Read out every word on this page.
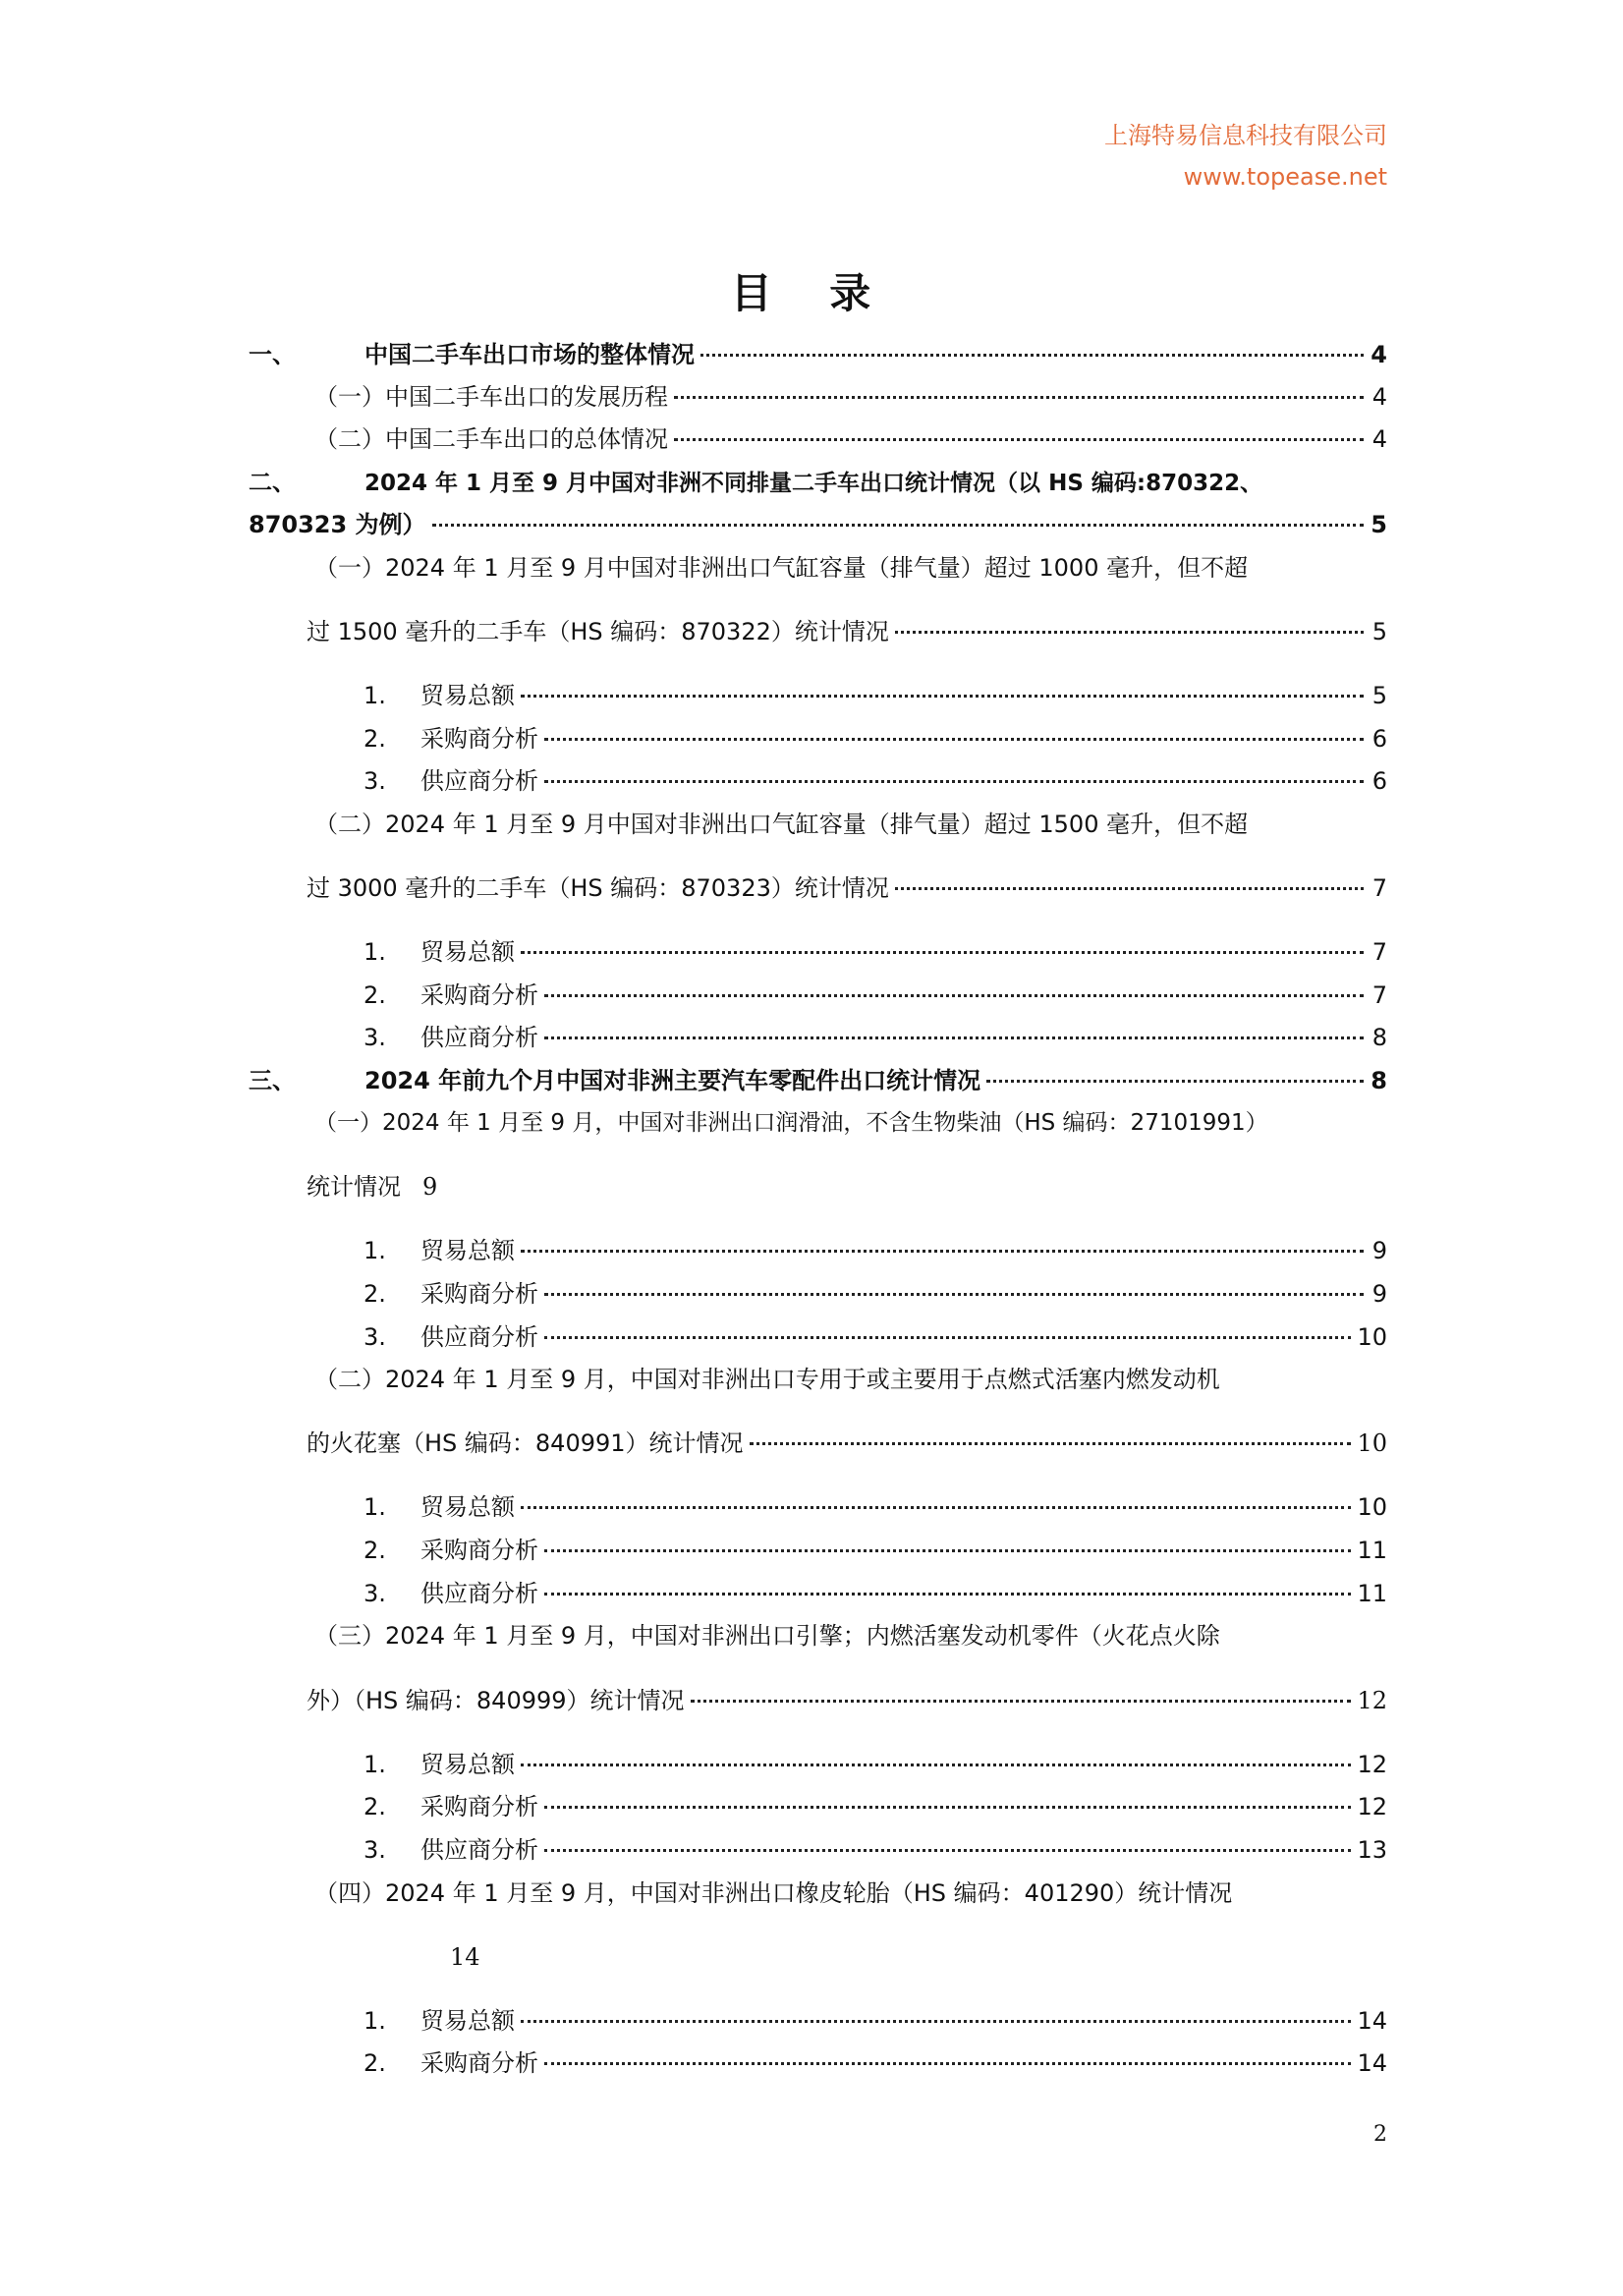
上海特易信息科技有限公司
www.topease.net
目 录
一、	中国二手车出口市场的整体情况	4
（一）中国二手车出口的发展历程	4
（二）中国二手车出口的总体情况	4
二、	2024 年 1 月至 9 月中国对非洲不同排量二手车出口统计情况（以 HS 编码:870322、
870323 为例）	5
（一）2024 年 1 月至 9 月中国对非洲出口气缸容量（排气量）超过 1000 毫升，但不超
过 1500 毫升的二手车（HS 编码：870322）统计情况	5
1.	贸易总额	5
2.	采购商分析	6
3.	供应商分析	6
（二）2024 年 1 月至 9 月中国对非洲出口气缸容量（排气量）超过 1500 毫升，但不超
过 3000 毫升的二手车（HS 编码：870323）统计情况	7
1.	贸易总额	7
2.	采购商分析	7
3.	供应商分析	8
三、	2024 年前九个月中国对非洲主要汽车零配件出口统计情况	8
（一）2024 年 1 月至 9 月，中国对非洲出口润滑油，不含生物柴油（HS 编码：27101991）
统计情况 9
1.	贸易总额	9
2.	采购商分析	9
3.	供应商分析	10
（二）2024 年 1 月至 9 月，中国对非洲出口专用于或主要用于点燃式活塞内燃发动机
的火花塞（HS 编码：840991）统计情况	10
1.	贸易总额	10
2.	采购商分析	11
3.	供应商分析	11
（三）2024 年 1 月至 9 月，中国对非洲出口引擎；内燃活塞发动机零件（火花点火除
外）（HS 编码：840999）统计情况	12
1.	贸易总额	12
2.	采购商分析	12
3.	供应商分析	13
（四）2024 年 1 月至 9 月，中国对非洲出口橡皮轮胎（HS 编码：401290）统计情况
14
1.	贸易总额	14
2.	采购商分析	14
2
